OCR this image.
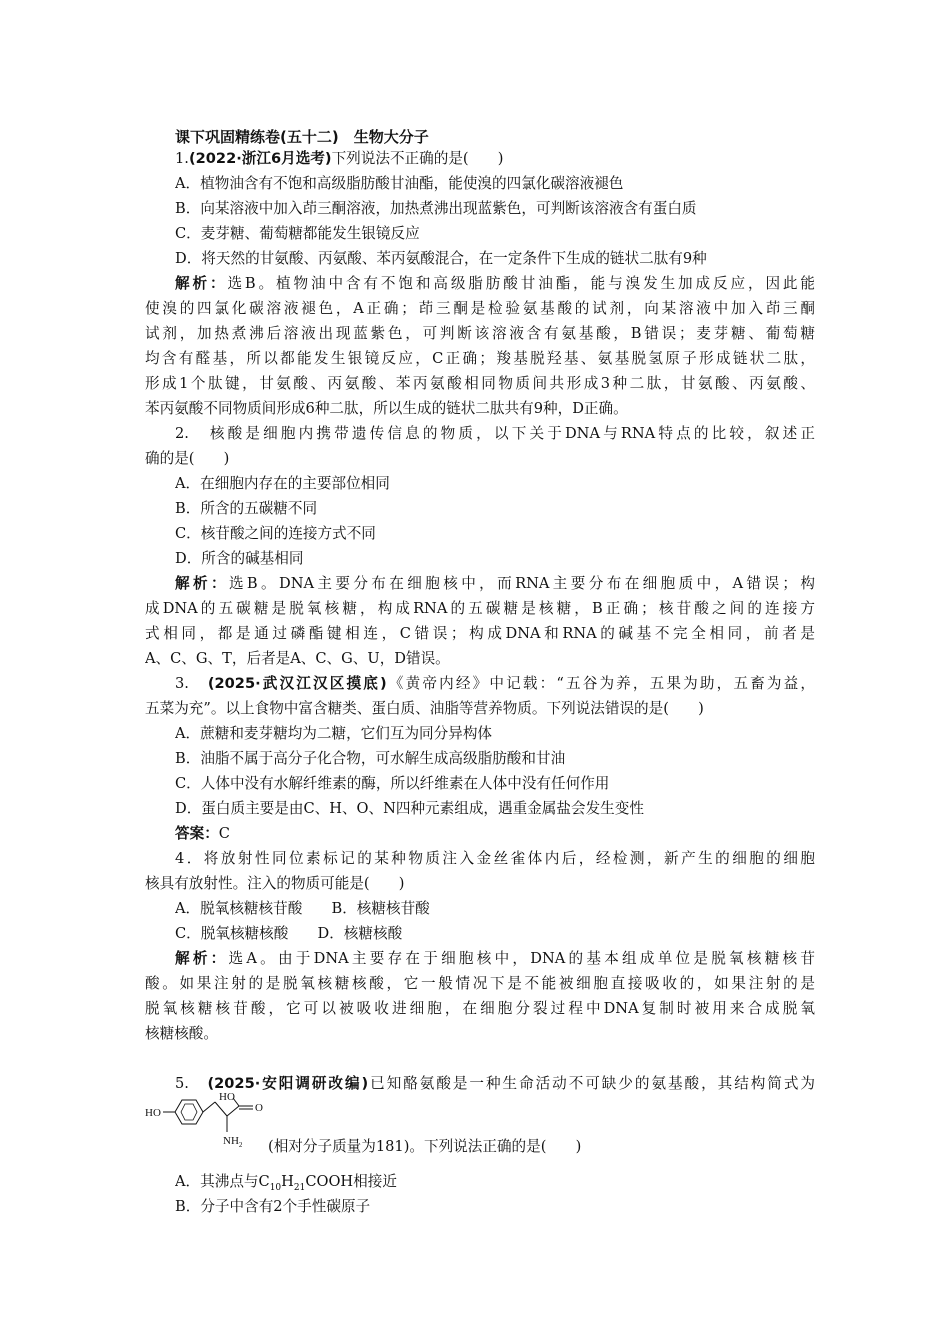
课下巩固精练卷(五十二)　生物大分子
1.(2022·浙江6月选考)下列说法不正确的是(　　)
A．植物油含有不饱和高级脂肪酸甘油酯，能使溴的四氯化碳溶液褪色
B．向某溶液中加入茚三酮溶液，加热煮沸出现蓝紫色，可判断该溶液含有蛋白质
C．麦芽糖、葡萄糖都能发生银镜反应
D．将天然的甘氨酸、丙氨酸、苯丙氨酸混合，在一定条件下生成的链状二肽有9种
解析：选B。植物油中含有不饱和高级脂肪酸甘油酯，能与溴发生加成反应，因此能
使溴的四氯化碳溶液褪色，A正确；茚三酮是检验氨基酸的试剂，向某溶液中加入茚三酮
试剂，加热煮沸后溶液出现蓝紫色，可判断该溶液含有氨基酸，B错误；麦芽糖、葡萄糖
均含有醛基，所以都能发生银镜反应，C正确；羧基脱羟基、氨基脱氢原子形成链状二肽，
形成1个肽键，甘氨酸、丙氨酸、苯丙氨酸相同物质间共形成3种二肽，甘氨酸、丙氨酸、
苯丙氨酸不同物质间形成6种二肽，所以生成的链状二肽共有9种，D正确。
2.　核酸是细胞内携带遗传信息的物质，以下关于DNA与RNA特点的比较，叙述正
确的是(　　)
A．在细胞内存在的主要部位相同
B．所含的五碳糖不同
C．核苷酸之间的连接方式不同
D．所含的碱基相同
解析：选B。DNA主要分布在细胞核中，而RNA主要分布在细胞质中，A错误；构
成DNA的五碳糖是脱氧核糖，构成RNA的五碳糖是核糖，B正确；核苷酸之间的连接方
式相同，都是通过磷酯键相连，C错误；构成DNA和RNA的碱基不完全相同，前者是
A、C、G、T，后者是A、C、G、U，D错误。
3.　(2025·武汉江汉区摸底)《黄帝内经》中记载：“五谷为养，五果为助，五畜为益，
五菜为充”。以上食物中富含糖类、蛋白质、油脂等营养物质。下列说法错误的是(　　)
A．蔗糖和麦芽糖均为二糖，它们互为同分异构体
B．油脂不属于高分子化合物，可水解生成高级脂肪酸和甘油
C．人体中没有水解纤维素的酶，所以纤维素在人体中没有任何作用
D．蛋白质主要是由C、H、O、N四种元素组成，遇重金属盐会发生变性
答案：C
4．将放射性同位素标记的某种物质注入金丝雀体内后，经检测，新产生的细胞的细胞
核具有放射性。注入的物质可能是(　　)
A．脱氧核糖核苷酸　　B．核糖核苷酸
C．脱氧核糖核酸　　D．核糖核酸
解析：选A。由于DNA主要存在于细胞核中，DNA的基本组成单位是脱氧核糖核苷
酸。如果注射的是脱氧核糖核酸，它一般情况下是不能被细胞直接吸收的，如果注射的是
脱氧核糖核苷酸，它可以被吸收进细胞，在细胞分裂过程中DNA复制时被用来合成脱氧
核糖核酸。
5.　(2025·安阳调研改编)已知酪氨酸是一种生命活动不可缺少的氨基酸，其结构简式为
HO
HO
O
$NH_2$ (相对分子质量为181)。下列说法正确的是(　　)
A．其沸点与$C_{10}H_{21}COOH$相接近
B．分子中含有2个手性碳原子
